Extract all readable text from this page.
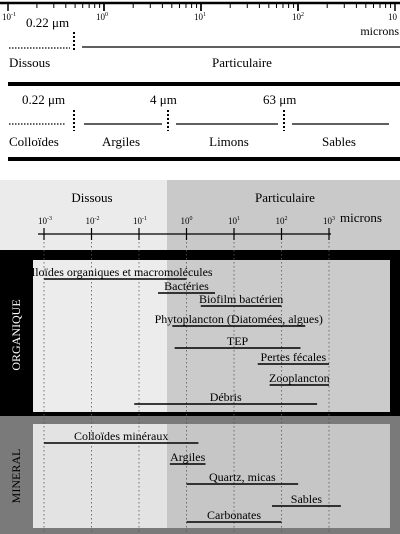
$10^{-1}$	$10^0$	$10^1$	$10^2$	10
microns
0.22 μm
Dissous	Particulaire
0.22 μm	4 μm	63 μm
Colloïdes	Argiles	Limons	Sables
Dissous	Particulaire
ORGANIQUE
MINERAL
$10^{-3}$	$10^{-2}$	$10^{-1}$	$10^0$	$10^1$	$10^2$	$10^3$ microns
Colloïdes organiques et macromolécules
Bactéries
Biofilm bactérien
Phytoplancton (Diatomées, algues)
TEP
Pertes fécales
Zooplancton
Débris
Colloïdes minéraux
Argiles
Quartz, micas
Sables
Carbonates
